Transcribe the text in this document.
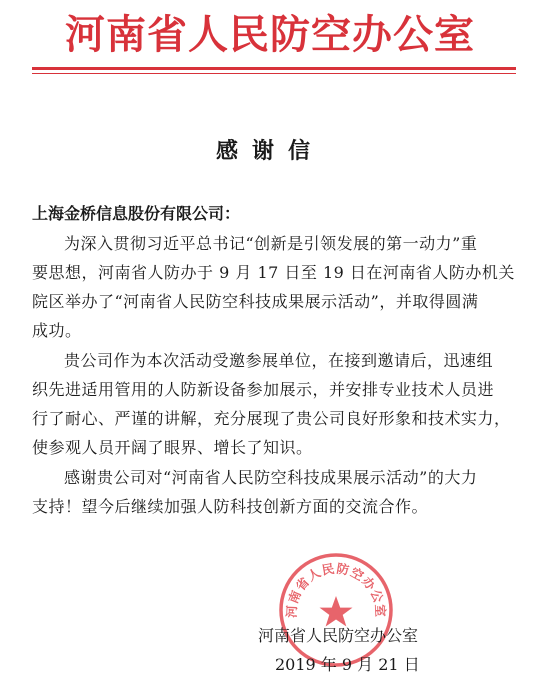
河南省人民防空办公室
感谢信
上海金桥信息股份有限公司：
为深入贯彻习近平总书记“创新是引领发展的第一动力”重
要思想，河南省人防办于 9 月 17 日至 19 日在河南省人防办机关
院区举办了“河南省人民防空科技成果展示活动”，并取得圆满
成功。
贵公司作为本次活动受邀参展单位，在接到邀请后，迅速组
织先进适用管用的人防新设备参加展示，并安排专业技术人员进
行了耐心、严谨的讲解，充分展现了贵公司良好形象和技术实力，
使参观人员开阔了眼界、增长了知识。
感谢贵公司对“河南省人民防空科技成果展示活动”的大力
支持！望今后继续加强人防科技创新方面的交流合作。
河南省人民防空办公室
河南省人民防空办公室
2019 年 9 月 21 日
